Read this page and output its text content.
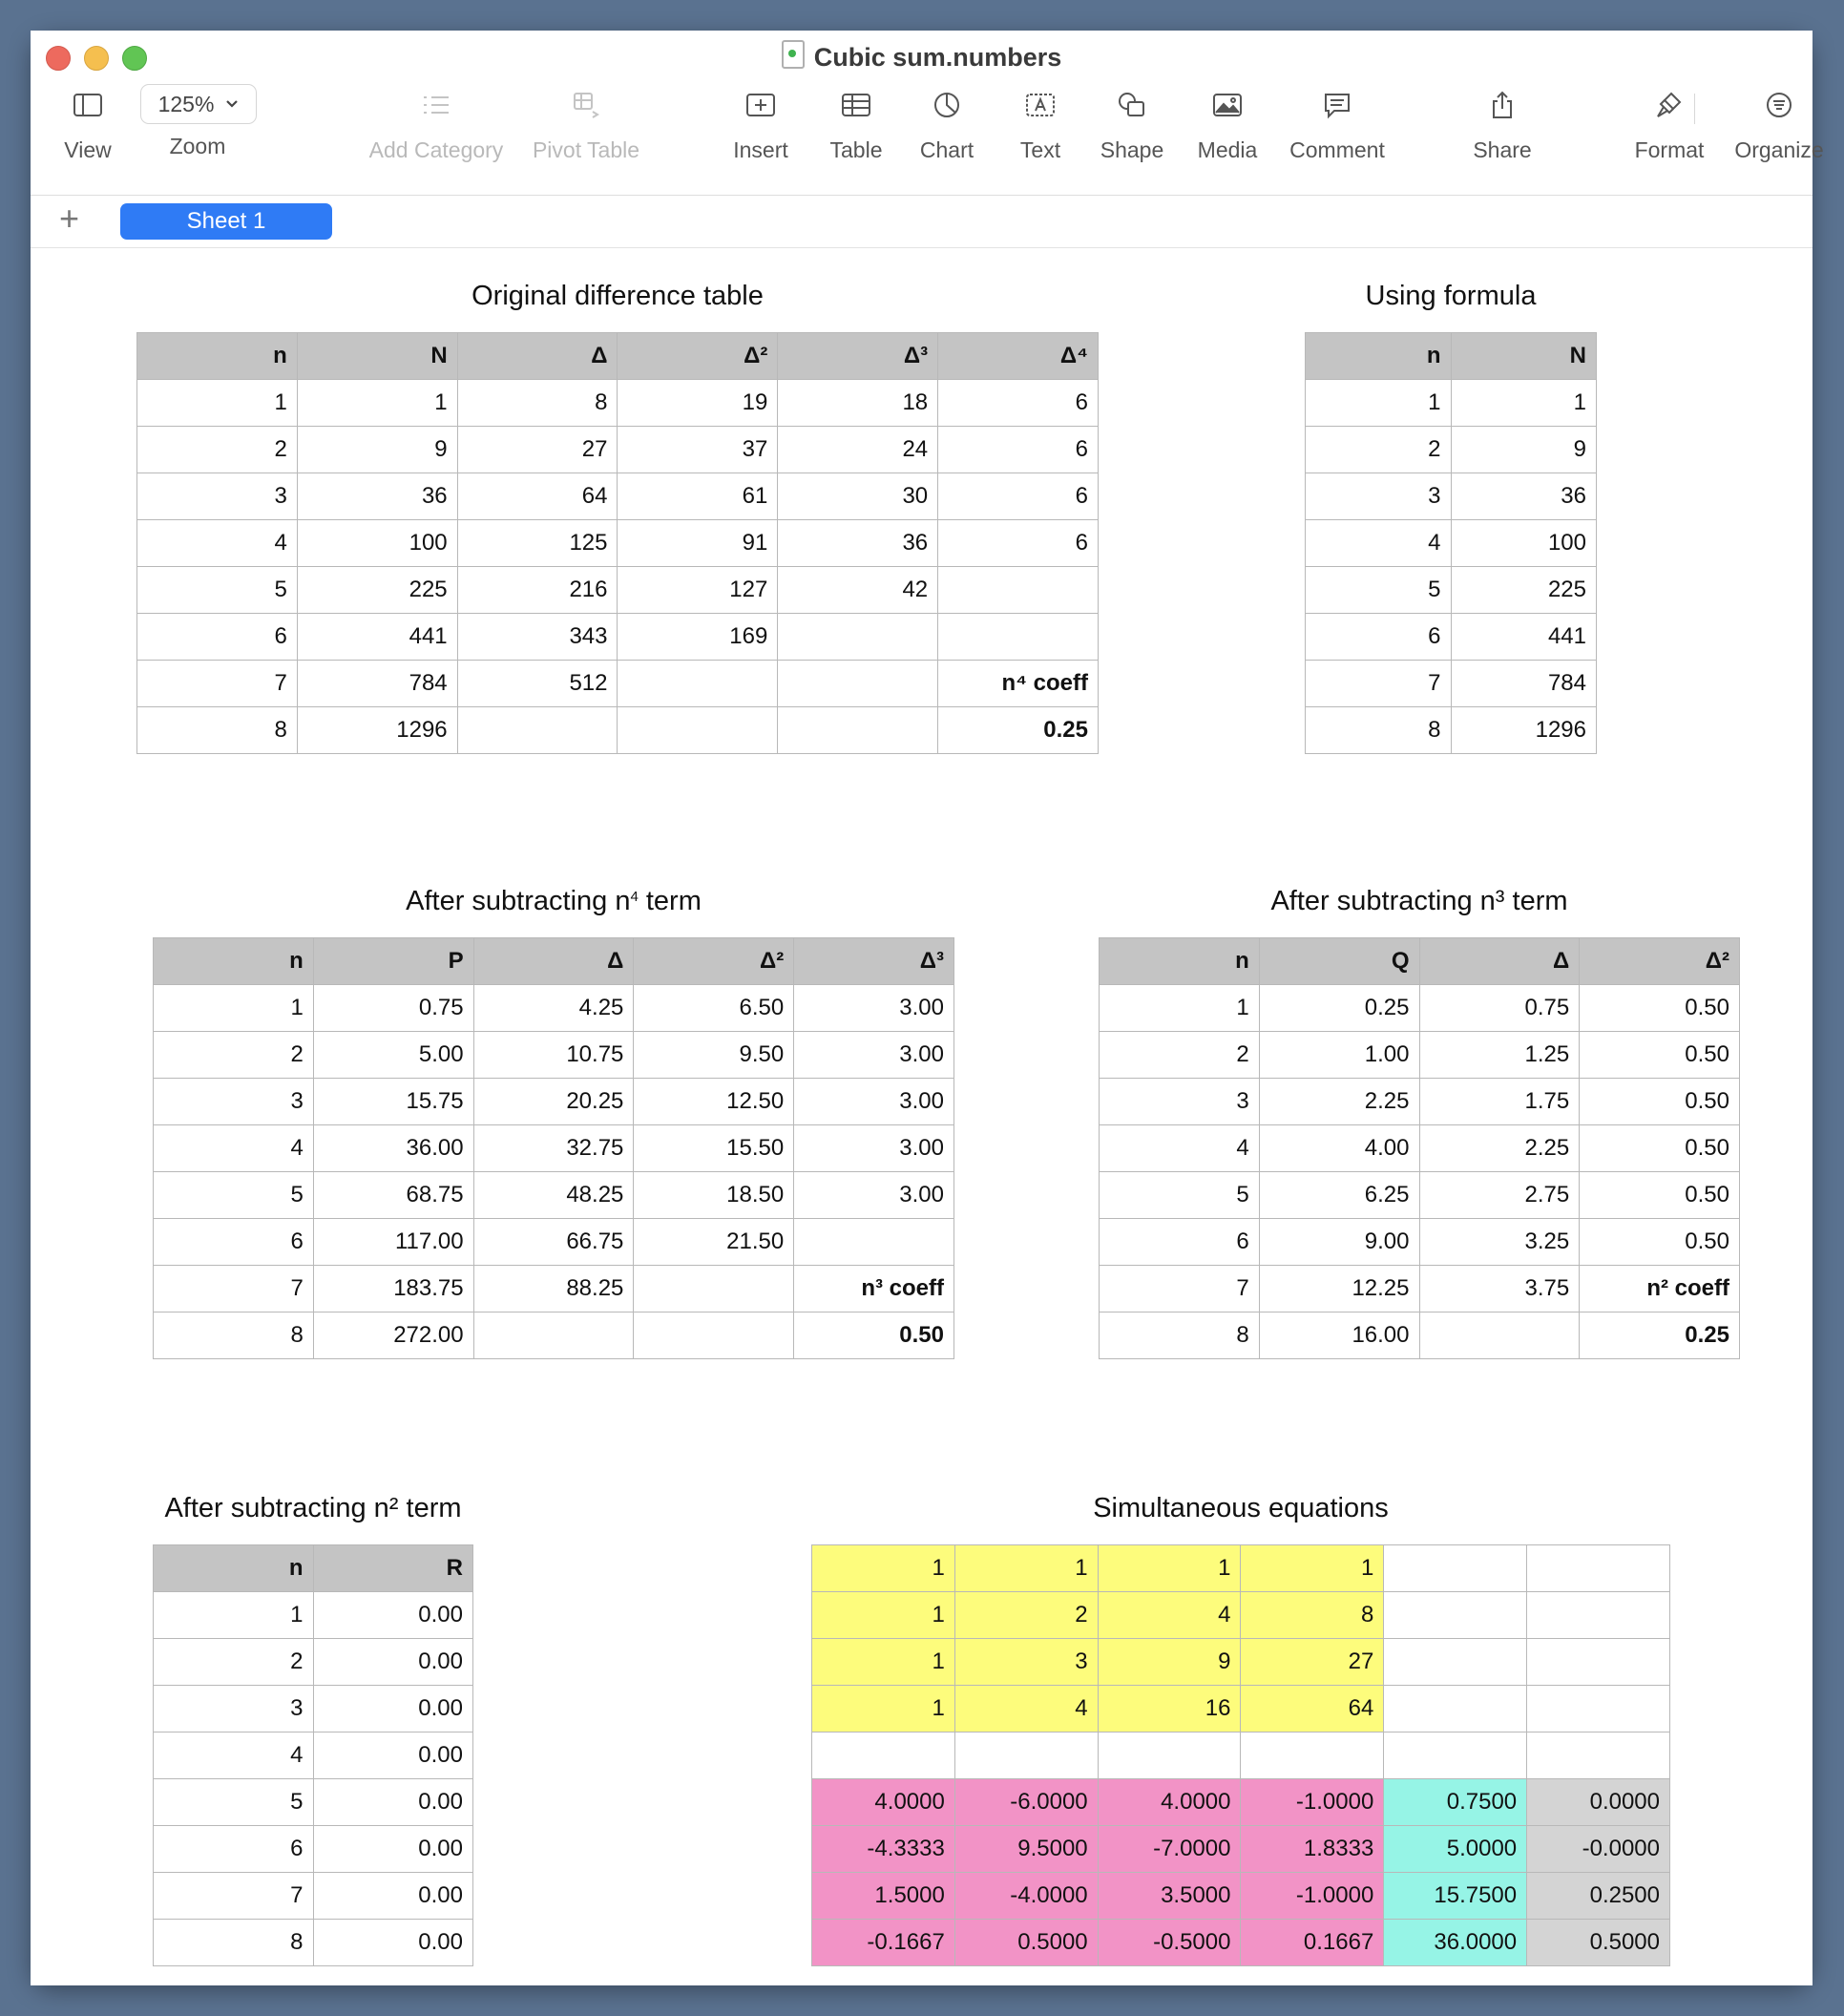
Cubic sum.numbers
View
125%
Zoom	Add Category Pivot Table	Insert	Table	Chart	Text	Shape	Media	Comment	Share	Format Organize
+	Sheet 1
Original difference table
n	N	Δ	Δ²	Δ³	Δ⁴
1	1	8	19	18	6
2	9	27	37	24	6
3	36	64	61	30	6
4	100	125	91	36	6
5	225	216	127	42	
6	441	343	169		
7	784	512			n⁴ coeff
8	1296				0.25
Using formula
n	N
1	1
2	9
3	36
4	100
5	225
6	441
7	784
8	1296
After subtracting $n^4$ term
n	P	Δ	Δ²	Δ³
1	0.75	4.25	6.50	3.00
2	5.00	10.75	9.50	3.00
3	15.75	20.25	12.50	3.00
4	36.00	32.75	15.50	3.00
5	68.75	48.25	18.50	3.00
6	117.00	66.75	21.50	
7	183.75	88.25		n³ coeff
8	272.00			0.50
After subtracting n³ term
n	Q	Δ	Δ²
1	0.25	0.75	0.50
2	1.00	1.25	0.50
3	2.25	1.75	0.50
4	4.00	2.25	0.50
5	6.25	2.75	0.50
6	9.00	3.25	0.50
7	12.25	3.75	n² coeff
8	16.00		0.25
After subtracting n² term
n	R
1	0.00
2	0.00
3	0.00
4	0.00
5	0.00
6	0.00
7	0.00
8	0.00
Simultaneous equations
1	1	1	1		
1	2	4	8		
1	3	9	27		
1	4	16	64		

4.0000	-6.0000	4.0000	-1.0000	0.7500	0.0000
-4.3333	9.5000	-7.0000	1.8333	5.0000	-0.0000
1.5000	-4.0000	3.5000	-1.0000	15.7500	0.2500
-0.1667	0.5000	-0.5000	0.1667	36.0000	0.5000
